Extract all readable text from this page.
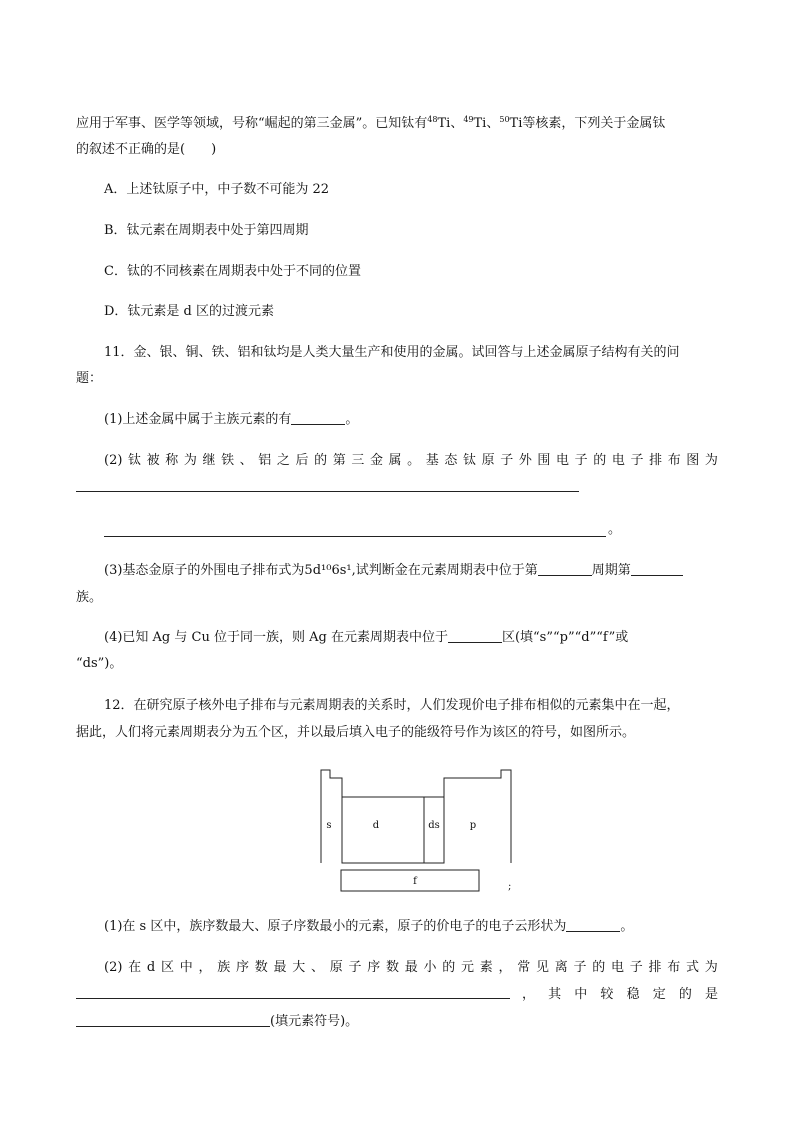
应用于军事、医学等领域，号称“崛起的第三金属”。已知钛有$^{48}$Ti、$^{49}$Ti、$^{50}$Ti等核素，下列关于金属钛
的叙述不正确的是(　　)
A．上述钛原子中，中子数不可能为 22
B．钛元素在周期表中处于第四周期
C．钛的不同核素在周期表中处于不同的位置
D．钛元素是 d 区的过渡元素
11．金、银、铜、铁、铝和钛均是人类大量生产和使用的金属。试回答与上述金属原子结构有关的问
题：
(1)上述金属中属于主族元素的有	。
(2) 钛 被 称 为 继 铁 、 铝 之 后 的 第 三 金 属 。 基 态 钛 原 子 外 围 电 子 的 电 子 排 布 图 为
。
(3)基态金原子的外围电子排布式为5d¹⁰6s¹,试判断金在元素周期表中位于第	周期第
族。
(4)已知 Ag 与 Cu 位于同一族，则 Ag 在元素周期表中位于	区(填“s”“p”“d”“f”或
“ds”)。
12．在研究原子核外电子排布与元素周期表的关系时，人们发现价电子排布相似的元素集中在一起，
据此，人们将元素周期表分为五个区，并以最后填入电子的能级符号作为该区的符号，如图所示。
s	d	ds	p
f	;
(1)在 s 区中，族序数最大、原子序数最小的元素，原子的价电子的电子云形状为	。
(2) 在 d 区 中 ， 族 序 数 最 大 、 原 子 序 数 最 小 的 元 素 ， 常 见 离 子 的 电 子 排 布 式 为
， 其 中 较 稳 定 的 是
(填元素符号)。
